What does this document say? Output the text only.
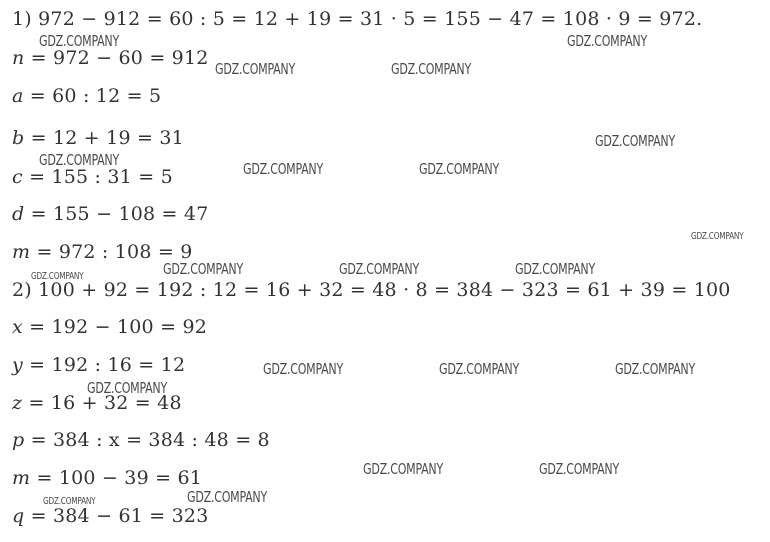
1) 972 − 912 = 60 : 5 = 12 + 19 = 31 · 5 = 155 − 47 = 108 · 9 = 972.
n = 972 − 60 = 912
a = 60 : 12 = 5
b = 12 + 19 = 31
c = 155 : 31 = 5
d = 155 − 108 = 47
m = 972 : 108 = 9
2) 100 + 92 = 192 : 12 = 16 + 32 = 48 · 8 = 384 − 323 = 61 + 39 = 100
x = 192 − 100 = 92
y = 192 : 16 = 12
z = 16 + 32 = 48
p = 384 : x = 384 : 48 = 8
m = 100 − 39 = 61
q = 384 − 61 = 323
GDZ.COMPANY	GDZ.COMPANY
GDZ.COMPANY	GDZ.COMPANY
GDZ.COMPANY
GDZ.COMPANY	GDZ.COMPANY	GDZ.COMPANY
GDZ.COMPANY
GDZ.COMPANY	GDZ.COMPANY	GDZ.COMPANY
GDZ.COMPANY
GDZ.COMPANY	GDZ.COMPANY	GDZ.COMPANY
GDZ.COMPANY
GDZ.COMPANY	GDZ.COMPANY
GDZ.COMPANY
GDZ.COMPANY
